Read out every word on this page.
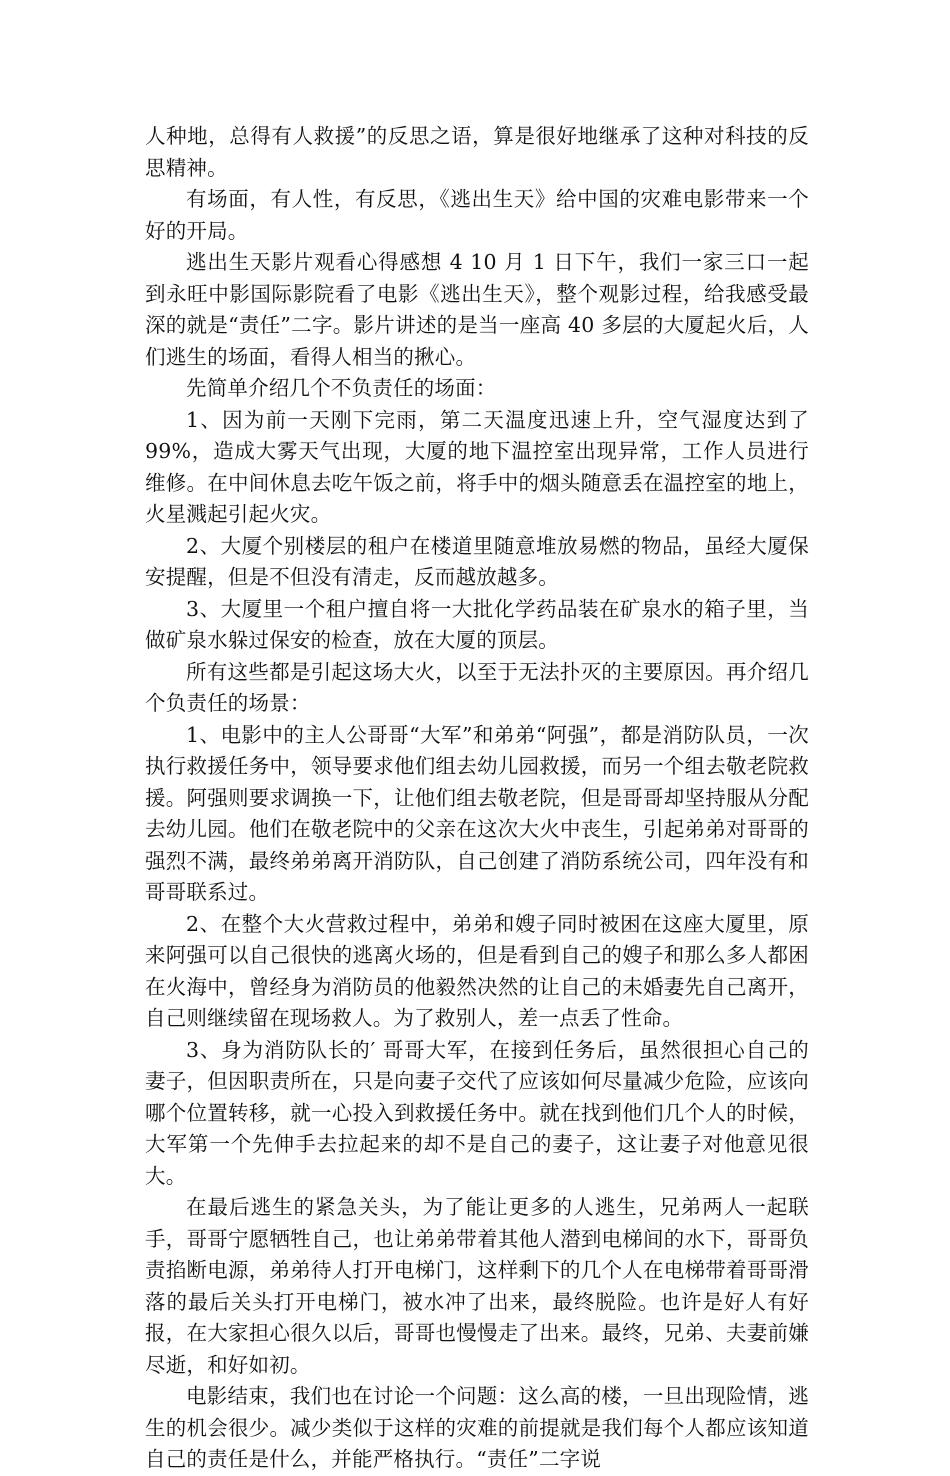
人种地，总得有人救援”的反思之语，算是很好地继承了这种对科技的反思精神。

有场面，有人性，有反思，《逃出生天》给中国的灾难电影带来一个好的开局。

逃出生天影片观看心得感想 4 10 月 1 日下午，我们一家三口一起到永旺中影国际影院看了电影《逃出生天》，整个观影过程，给我感受最深的就是“责任”二字。影片讲述的是当一座高 40 多层的大厦起火后，人们逃生的场面，看得人相当的揪心。

先简单介绍几个不负责任的场面：

1、因为前一天刚下完雨，第二天温度迅速上升，空气湿度达到了 99%，造成大雾天气出现，大厦的地下温控室出现异常，工作人员进行维修。在中间休息去吃午饭之前，将手中的烟头随意丢在温控室的地上，火星溅起引起火灾。

2、大厦个别楼层的租户在楼道里随意堆放易燃的物品，虽经大厦保安提醒，但是不但没有清走，反而越放越多。

3、大厦里一个租户擅自将一大批化学药品装在矿泉水的箱子里，当做矿泉水躲过保安的检查，放在大厦的顶层。

所有这些都是引起这场大火，以至于无法扑灭的主要原因。再介绍几个负责任的场景：

1、电影中的主人公哥哥“大军”和弟弟“阿强”，都是消防队员，一次执行救援任务中，领导要求他们组去幼儿园救援，而另一个组去敬老院救援。阿强则要求调换一下，让他们组去敬老院，但是哥哥却坚持服从分配去幼儿园。他们在敬老院中的父亲在这次大火中丧生，引起弟弟对哥哥的强烈不满，最终弟弟离开消防队，自己创建了消防系统公司，四年没有和哥哥联系过。

2、在整个大火营救过程中，弟弟和嫂子同时被困在这座大厦里，原来阿强可以自己很快的逃离火场的，但是看到自己的嫂子和那么多人都困在火海中，曾经身为消防员的他毅然决然的让自己的未婚妻先自己离开，自己则继续留在现场救人。为了救别人，差一点丢了性命。

3、身为消防队长的′ 哥哥大军，在接到任务后，虽然很担心自己的妻子，但因职责所在，只是向妻子交代了应该如何尽量减少危险，应该向哪个位置转移，就一心投入到救援任务中。就在找到他们几个人的时候，大军第一个先伸手去拉起来的却不是自己的妻子，这让妻子对他意见很大。

在最后逃生的紧急关头，为了能让更多的人逃生，兄弟两人一起联手，哥哥宁愿牺牲自己，也让弟弟带着其他人潜到电梯间的水下，哥哥负责掐断电源，弟弟待人打开电梯门，这样剩下的几个人在电梯带着哥哥滑落的最后关头打开电梯门，被水冲了出来，最终脱险。也许是好人有好报，在大家担心很久以后，哥哥也慢慢走了出来。最终，兄弟、夫妻前嫌尽逝，和好如初。

电影结束，我们也在讨论一个问题：这么高的楼，一旦出现险情，逃生的机会很少。减少类似于这样的灾难的前提就是我们每个人都应该知道自己的责任是什么，并能严格执行。“责任”二字说
